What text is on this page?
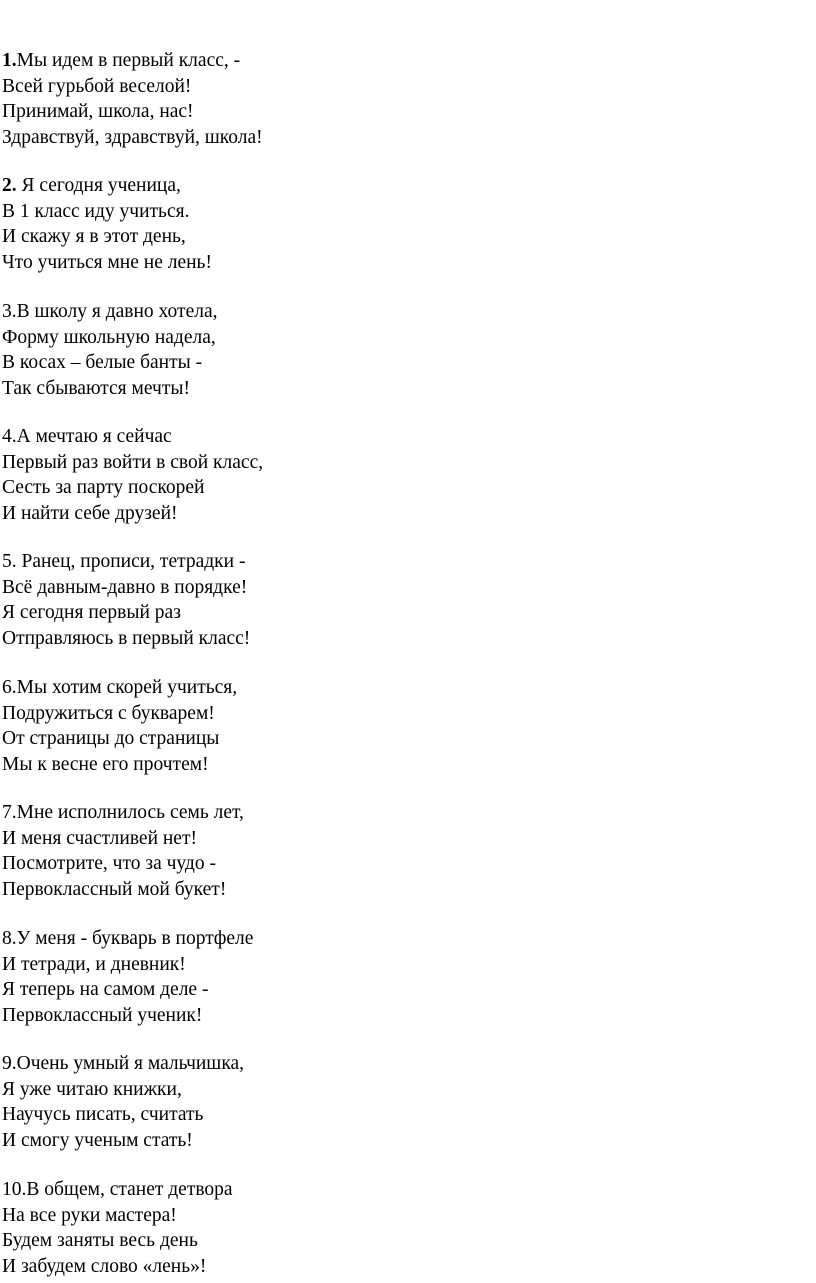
1.Мы идем в первый класс, -
Всей гурьбой веселой!
Принимай, школа, нас!
Здравствуй, здравствуй, школа!
2. Я сегодня ученица,
В 1 класс иду учиться.
И скажу я в этот день,
Что учиться мне не лень!
3.В школу я давно хотела,
Форму школьную надела,
В косах – белые банты -
Так сбываются мечты!
4.А мечтаю я сейчас
Первый раз войти в свой класс,
Сесть за парту поскорей
И найти себе друзей!
5. Ранец, прописи, тетрадки -
Всё давным-давно в порядке!
Я сегодня первый раз
Отправляюсь в первый класс!
6.Мы хотим скорей учиться,
Подружиться с букварем!
От страницы до страницы
Мы к весне его прочтем!
7.Мне исполнилось семь лет,
И меня счастливей нет!
Посмотрите, что за чудо -
Первоклассный мой букет!
8.У меня - букварь в портфеле
И тетради, и дневник!
Я теперь на самом деле -
Первоклассный ученик!
9.Очень умный я мальчишка,
Я уже читаю книжки,
Научусь писать, считать
И смогу ученым стать!
10.В общем, станет детвора
На все руки мастера!
Будем заняты весь день
И забудем слово «лень»!
